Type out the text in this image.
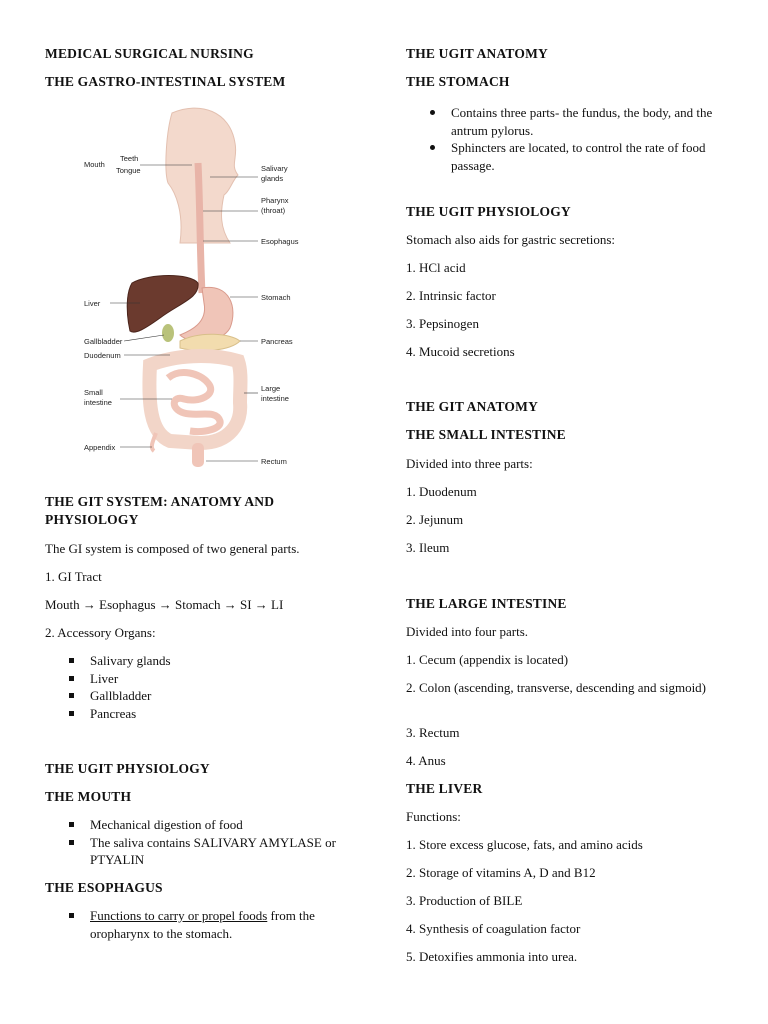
MEDICAL SURGICAL NURSING
THE GASTRO-INTESTINAL SYSTEM
Mouth
Teeth
Tongue	Salivary
glands
Pharynx
(throat)
Esophagus
Stomach
Liver
Gallbladder
Duodenum
Pancreas
Small
intestine
Large
intestine
Appendix
Rectum
THE GIT SYSTEM: ANATOMY AND PHYSIOLOGY
The GI system is composed of two general parts.
1. GI Tract
Mouth → Esophagus → Stomach → SI → LI
2. Accessory Organs:
Salivary glands
Liver
Gallbladder
Pancreas
THE UGIT PHYSIOLOGY
THE MOUTH
Mechanical digestion of food
The saliva contains SALIVARY AMYLASE or PTYALIN
THE ESOPHAGUS
Functions to carry or propel foods from the oropharynx to the stomach.
THE UGIT ANATOMY
THE STOMACH
Contains three parts- the fundus, the body, and the antrum pylorus.
Sphincters are located, to control the rate of food passage.
THE UGIT PHYSIOLOGY
Stomach also aids for gastric secretions:
1. HCl acid
2. Intrinsic factor
3. Pepsinogen
4. Mucoid secretions
THE GIT ANATOMY
THE SMALL INTESTINE
Divided into three parts:
1. Duodenum
2. Jejunum
3. Ileum
THE LARGE INTESTINE
Divided into four parts.
1. Cecum (appendix is located)
2. Colon (ascending, transverse, descending and sigmoid)
3. Rectum
4. Anus
THE LIVER
Functions:
1. Store excess glucose, fats, and amino acids
2. Storage of vitamins A, D and B12
3. Production of BILE
4. Synthesis of coagulation factor
5. Detoxifies ammonia into urea.
